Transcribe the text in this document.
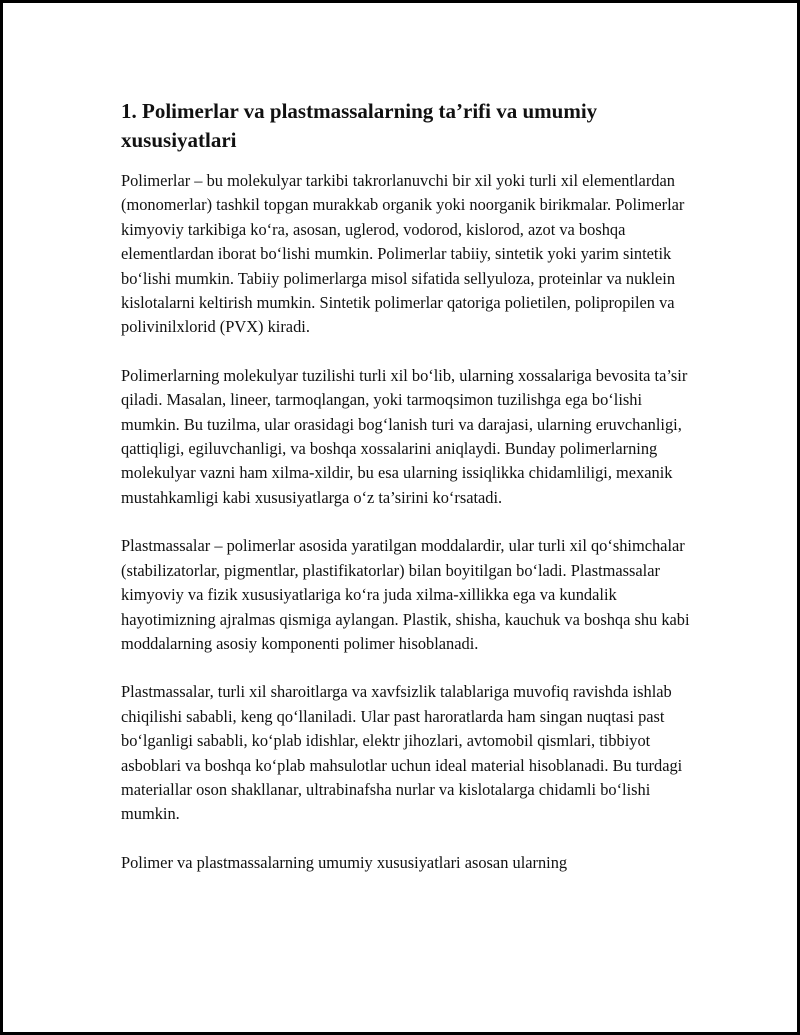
1. Polimerlar va plastmassalarning ta’rifi va umumiy xususiyatlari

Polimerlar – bu molekulyar tarkibi takrorlanuvchi bir xil yoki turli xil elementlardan (monomerlar) tashkil topgan murakkab organik yoki noorganik birikmalar. Polimerlar kimyoviy tarkibiga ko‘ra, asosan, uglerod, vodorod, kislorod, azot va boshqa elementlardan iborat bo‘lishi mumkin. Polimerlar tabiiy, sintetik yoki yarim sintetik bo‘lishi mumkin. Tabiiy polimerlarga misol sifatida sellyuloza, proteinlar va nuklein kislotalarni keltirish mumkin. Sintetik polimerlar qatoriga polietilen, polipropilen va polivinilxlorid (PVX) kiradi.

Polimerlarning molekulyar tuzilishi turli xil bo‘lib, ularning xossalariga bevosita ta’sir qiladi. Masalan, lineer, tarmoqlangan, yoki tarmoqsimon tuzilishga ega bo‘lishi mumkin. Bu tuzilma, ular orasidagi bog‘lanish turi va darajasi, ularning eruvchanligi, qattiqligi, egiluvchanligi, va boshqa xossalarini aniqlaydi. Bunday polimerlarning molekulyar vazni ham xilma-xildir, bu esa ularning issiqlikka chidamliligi, mexanik mustahkamligi kabi xususiyatlarga o‘z ta’sirini ko‘rsatadi.

Plastmassalar – polimerlar asosida yaratilgan moddalardir, ular turli xil qo‘shimchalar (stabilizatorlar, pigmentlar, plastifikatorlar) bilan boyitilgan bo‘ladi. Plastmassalar kimyoviy va fizik xususiyatlariga ko‘ra juda xilma-xillikka ega va kundalik hayotimizning ajralmas qismiga aylangan. Plastik, shisha, kauchuk va boshqa shu kabi moddalarning asosiy komponenti polimer hisoblanadi.

Plastmassalar, turli xil sharoitlarga va xavfsizlik talablariga muvofiq ravishda ishlab chiqilishi sababli, keng qo‘llaniladi. Ular past haroratlarda ham singan nuqtasi past bo‘lganligi sababli, ko‘plab idishlar, elektr jihozlari, avtomobil qismlari, tibbiyot asboblari va boshqa ko‘plab mahsulotlar uchun ideal material hisoblanadi. Bu turdagi materiallar oson shakllanar, ultrabinafsha nurlar va kislotalarga chidamli bo‘lishi mumkin.

Polimer va plastmassalarning umumiy xususiyatlari asosan ularning
